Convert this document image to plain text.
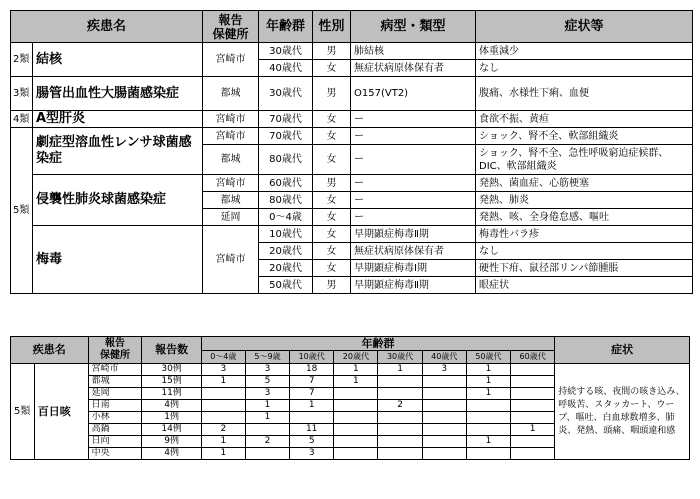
疾患名		報告
保健所	年齢群	性別	病型・類型	症状等
2類	結核	宮崎市	30歳代	男	肺結核	体重減少
			40歳代	女	無症状病原体保有者	なし
3類	腸管出血性大腸菌感染症	都城	30歳代	男	O157(VT2)	腹痛、水様性下痢、血便
4類	A型肝炎	宮崎市	70歳代	女	ー	食欲不振、黄疸
5類	劇症型溶血性レンサ球菌感染症	宮崎市	70歳代	女	ー	ショック、腎不全、軟部組織炎
		都城	80歳代	女	ー	ショック、腎不全、急性呼吸窮迫症候群、DIC、軟部組織炎
	侵襲性肺炎球菌感染症	宮崎市	60歳代	男	ー	発熱、菌血症、心筋梗塞
		都城	80歳代	女	ー	発熱、肺炎
		延岡	0～4歳	女	ー	発熱、咳、全身倦怠感、嘔吐
	梅毒	宮崎市	10歳代	女	早期顕症梅毒Ⅱ期	梅毒性バラ疹
			20歳代	女	無症状病原体保有者	なし
			20歳代	女	早期顕症梅毒Ⅰ期	硬性下疳、鼠径部リンパ節腫脹
			50歳代	男	早期顕症梅毒Ⅱ期	眼症状
疾患名		報告
保健所	報告数	年齢群								症状
				0～4歳	5～9歳	10歳代	20歳代	30歳代	40歳代	50歳代	60歳代	
5類	百日咳	宮崎市	30例	3	3	18	1	1	3	1		持続する咳、夜間の咳き込み、呼吸苦、スタッカート、ウーブ、嘔吐、白血球数増多、肺炎、発熱、頭痛、咽頭違和感
		都城	15例	1	5	7	1			1		
		延岡	11例		3	7				1		
		日南	4例		1	1		2				
		小林	1例		1							
		高鍋	14例	2		11					1	
		日向	9例	1	2	5				1		
		中央	4例	1		3						
